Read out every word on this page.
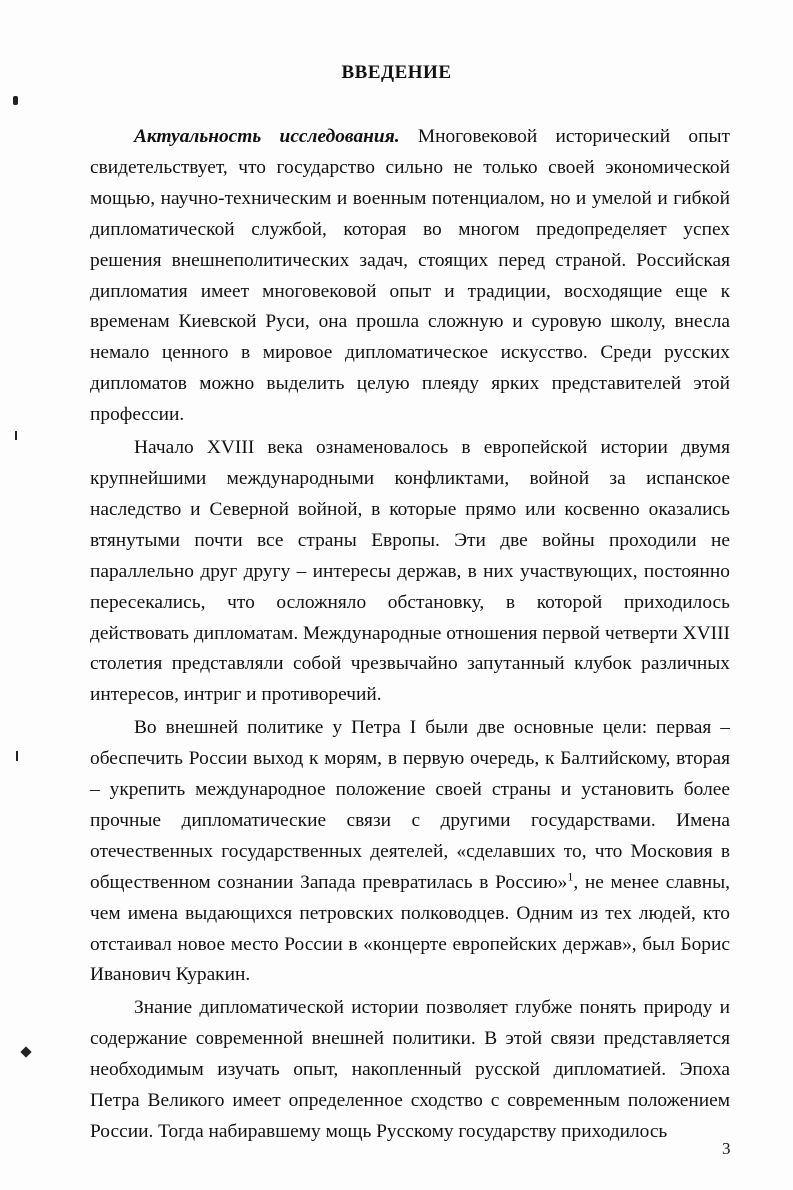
ВВЕДЕНИЕ

Актуальность исследования. Многовековой исторический опыт свидетельствует, что государство сильно не только своей экономической мощью, научно-техническим и военным потенциалом, но и умелой и гибкой дипломатической службой, которая во многом предопределяет успех решения внешнеполитических задач, стоящих перед страной. Российская дипломатия имеет многовековой опыт и традиции, восходящие еще к временам Киевской Руси, она прошла сложную и суровую школу, внесла немало ценного в мировое дипломатическое искусство. Среди русских дипломатов можно выделить целую плеяду ярких представителей этой профессии.

Начало XVIII века ознаменовалось в европейской истории двумя крупнейшими международными конфликтами, войной за испанское наследство и Северной войной, в которые прямо или косвенно оказались втянутыми почти все страны Европы. Эти две войны проходили не параллельно друг другу – интересы держав, в них участвующих, постоянно пересекались, что осложняло обстановку, в которой приходилось действовать дипломатам. Международные отношения первой четверти XVIII столетия представляли собой чрезвычайно запутанный клубок различных интересов, интриг и противоречий.

Во внешней политике у Петра I были две основные цели: первая – обеспечить России выход к морям, в первую очередь, к Балтийскому, вторая – укрепить международное положение своей страны и установить более прочные дипломатические связи с другими государствами. Имена отечественных государственных деятелей, «сделавших то, что Московия в общественном сознании Запада превратилась в Россию»$^1$, не менее славны, чем имена выдающихся петровских полководцев. Одним из тех людей, кто отстаивал новое место России в «концерте европейских держав», был Борис Иванович Куракин.

Знание дипломатической истории позволяет глубже понять природу и содержание современной внешней политики. В этой связи представляется необходимым изучать опыт, накопленный русской дипломатией. Эпоха Петра Великого имеет определенное сходство с современным положением России. Тогда набиравшему мощь Русскому государству приходилось

3
